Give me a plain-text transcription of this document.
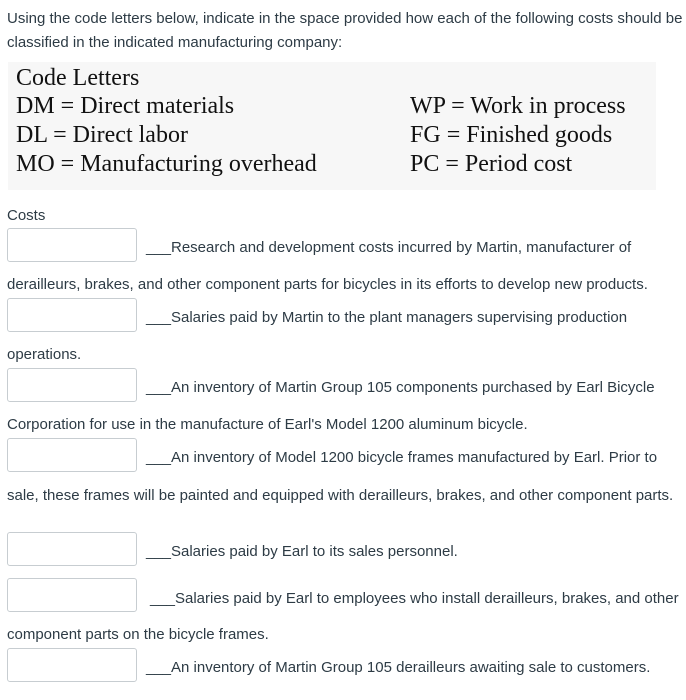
Using the code letters below, indicate in the space provided how each of the following costs should be classified in the indicated manufacturing company:
Code Letters
DM = Direct materials
DL = Direct labor
MO = Manufacturing overhead
WP = Work in process
FG = Finished goods
PC = Period cost
Costs
___ Research and development costs incurred by Martin, manufacturer of
derailleurs, brakes, and other component parts for bicycles in its efforts to develop new products.
___ Salaries paid by Martin to the plant managers supervising production
operations.
___ An inventory of Martin Group 105 components purchased by Earl Bicycle
Corporation for use in the manufacture of Earl's Model 1200 aluminum bicycle.
___ An inventory of Model 1200 bicycle frames manufactured by Earl. Prior to
sale, these frames will be painted and equipped with derailleurs, brakes, and other component parts.
___ Salaries paid by Earl to its sales personnel.
___ Salaries paid by Earl to employees who install derailleurs, brakes, and other
component parts on the bicycle frames.
___ An inventory of Martin Group 105 derailleurs awaiting sale to customers.
